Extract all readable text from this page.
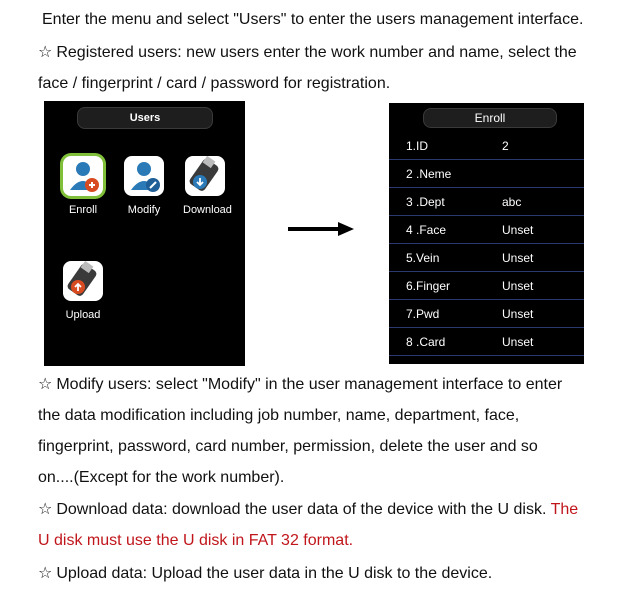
Enter the menu and select "Users" to enter the users management interface.
☆ Registered users: new users enter the work number and name, select the
face / fingerprint / card / password for registration.
Users
Enroll	Modify	Download
Upload
Enroll
1.ID	2
2 .Neme
3 .Dept	abc
4 .Face	Unset
5.Vein	Unset
6.Finger	Unset
7.Pwd	Unset
8 .Card	Unset
☆ Modify users: select "Modify" in the user management interface to enter
the data modification including job number, name, department, face,
fingerprint, password, card number, permission, delete the user and so
on....(Except for the work number).
☆ Download data: download the user data of the device with the U disk. The
U disk must use the U disk in FAT 32 format.
☆ Upload data: Upload the user data in the U disk to the device.
